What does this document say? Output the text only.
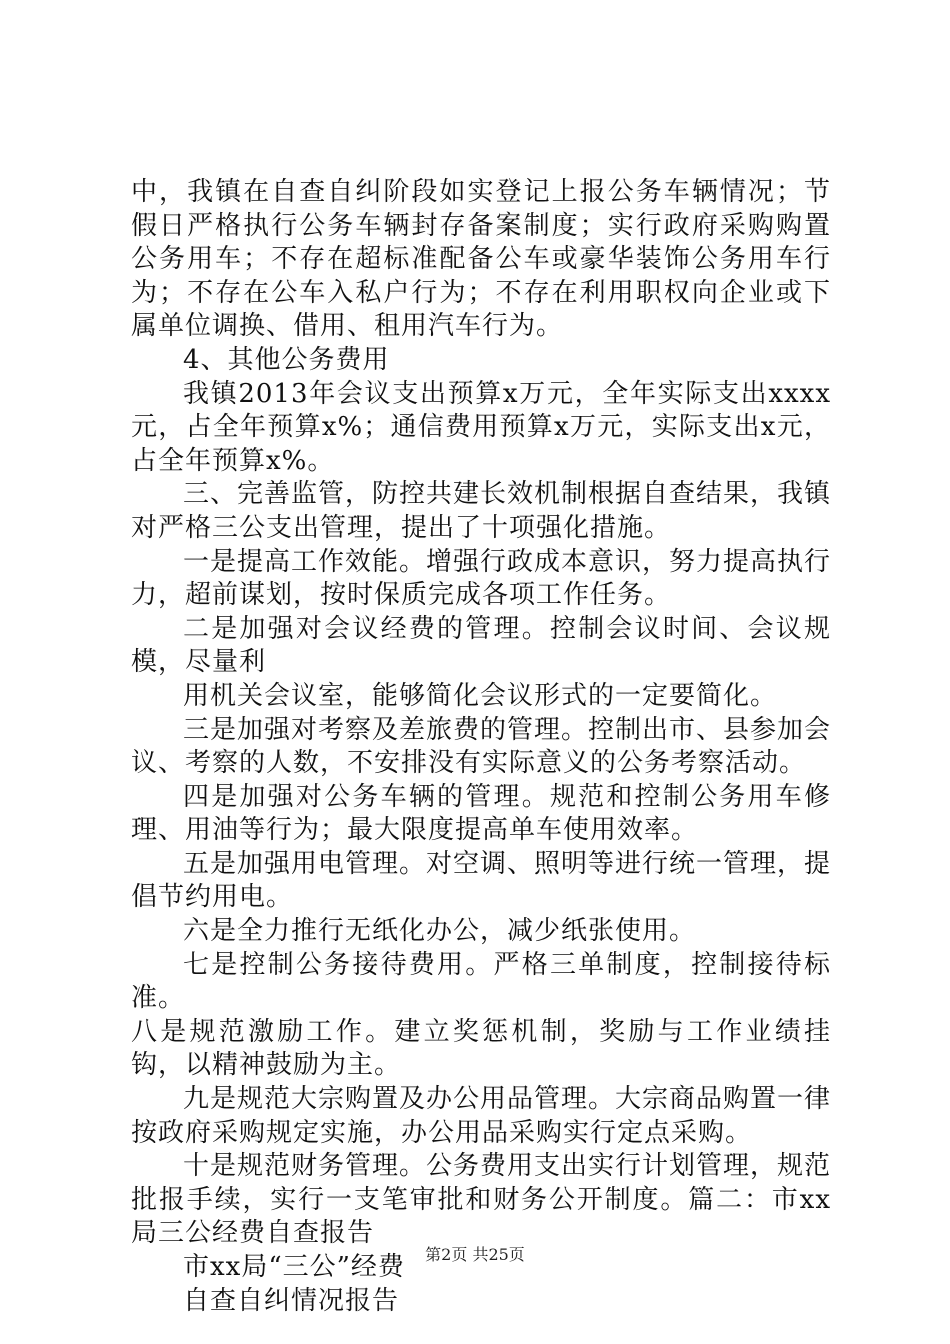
中，我镇在自查自纠阶段如实登记上报公务车辆情况；节假日严格执行公务车辆封存备案制度；实行政府采购购置公务用车；不存在超标准配备公车或豪华装饰公务用车行为；不存在公车入私户行为；不存在利用职权向企业或下属单位调换、借用、租用汽车行为。

4、其他公务费用

我镇2013年会议支出预算x万元，全年实际支出xxxx元，占全年预算x%；通信费用预算x万元，实际支出x元，占全年预算x%。

三、完善监管，防控共建长效机制根据自查结果，我镇对严格三公支出管理，提出了十项强化措施。

一是提高工作效能。增强行政成本意识，努力提高执行力，超前谋划，按时保质完成各项工作任务。

二是加强对会议经费的管理。控制会议时间、会议规模，尽量利

用机关会议室，能够简化会议形式的一定要简化。

三是加强对考察及差旅费的管理。控制出市、县参加会议、考察的人数，不安排没有实际意义的公务考察活动。

四是加强对公务车辆的管理。规范和控制公务用车修理、用油等行为；最大限度提高单车使用效率。

五是加强用电管理。对空调、照明等进行统一管理，提倡节约用电。

六是全力推行无纸化办公，减少纸张使用。

七是控制公务接待费用。严格三单制度，控制接待标准。

八是规范激励工作。建立奖惩机制，奖励与工作业绩挂钩，以精神鼓励为主。

九是规范大宗购置及办公用品管理。大宗商品购置一律按政府采购规定实施，办公用品采购实行定点采购。

十是规范财务管理。公务费用支出实行计划管理，规范批报手续，实行一支笔审批和财务公开制度。篇二：市xx局三公经费自查报告

市xx局“三公”经费

自查自纠情况报告

第2页 共25页
